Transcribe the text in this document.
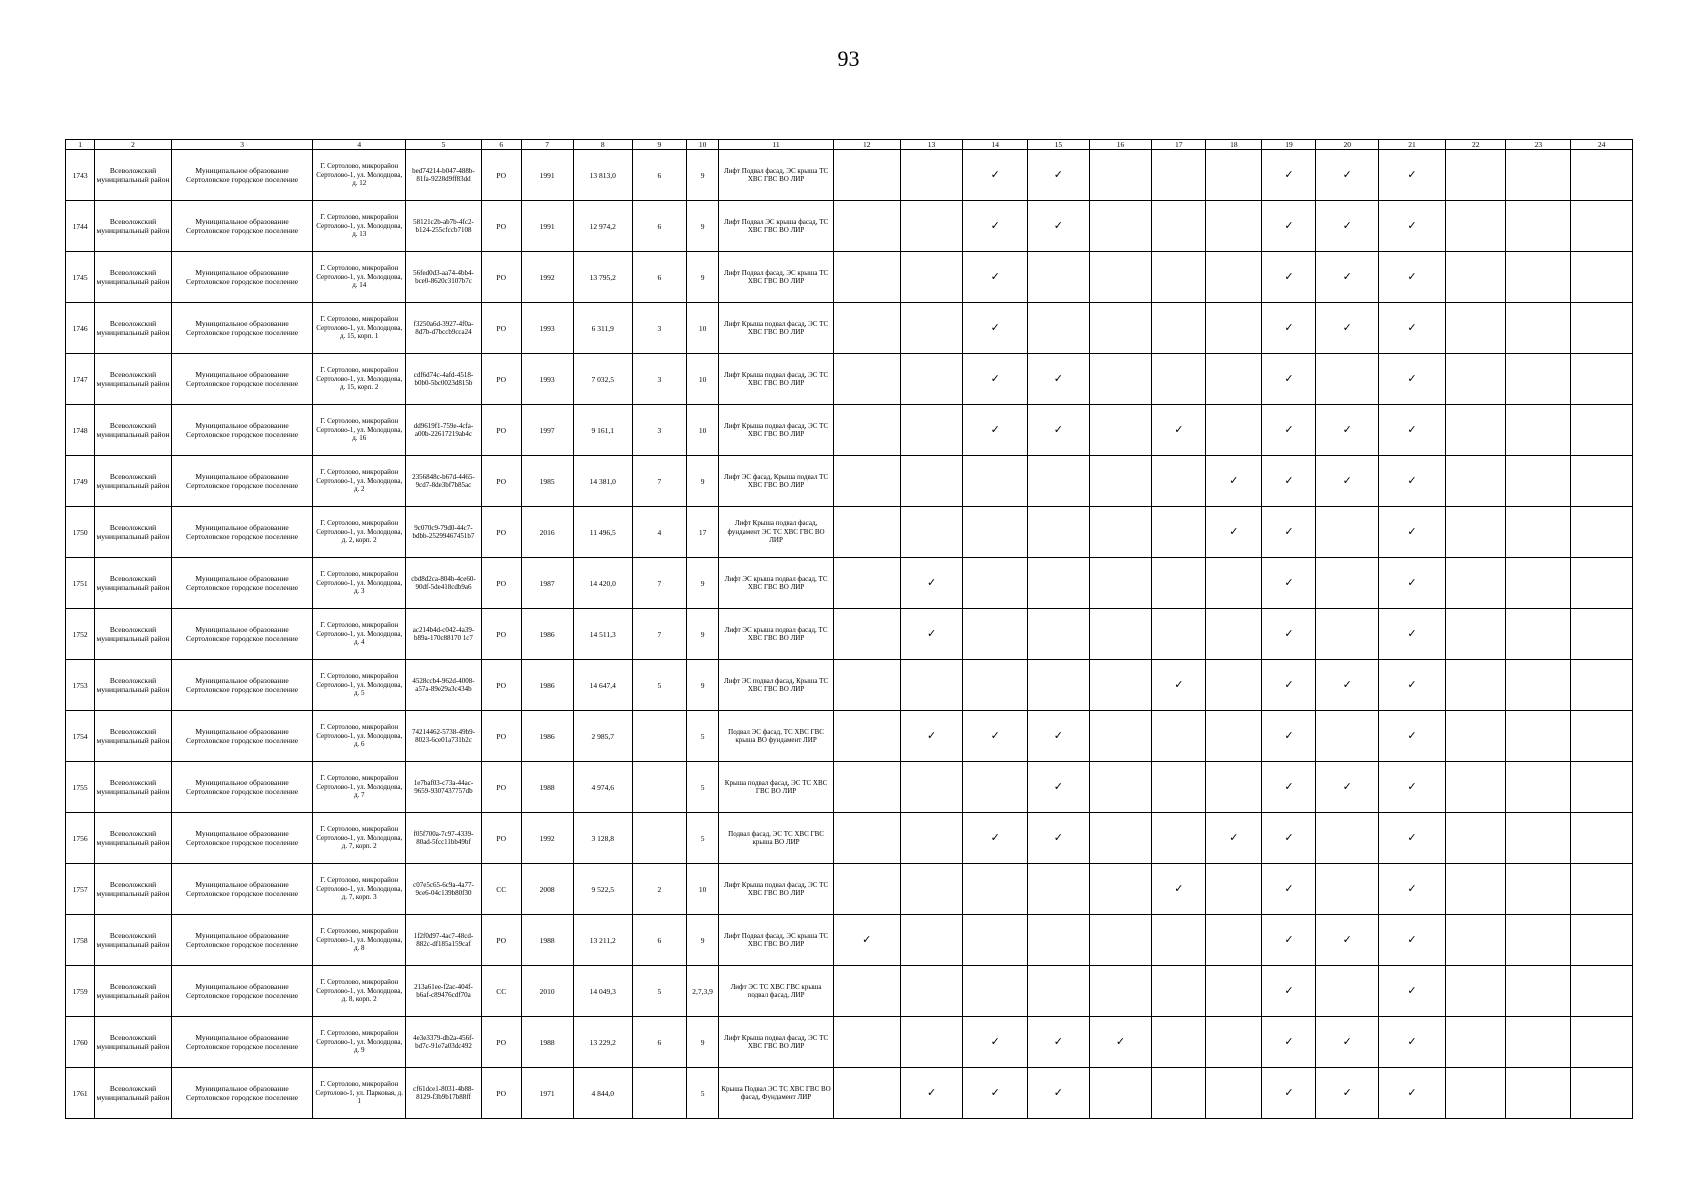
93
1	2	3	4	5	6	7	8	9	10	11	12	13	14	15	16	17	18	19	20	21	22	23	24
1743	Всеволожский муниципальный район	Муниципальное образование Сертоловское городское поселение	Г. Сертолово, микрорайон Сертолово-1, ул. Молодцова, д. 12	bed74214-b047-488b-81fa-9228d9ff83dd	РО	1991	13 813,0	6	9	Лифт Подвал фасад, ЭС крыша ТС ХВС ГВС ВО ЛИР			✓	✓				✓	✓	✓			
1744	Всеволожский муниципальный район	Муниципальное образование Сертоловское городское поселение	Г. Сертолово, микрорайон Сертолово-1, ул. Молодцова, д. 13	58121c2b-ab7b-4fc2-b124-255cfccb7108	РО	1991	12 974,2	6	9	Лифт Подвал ЭС крыша фасад, ТС ХВС ГВС ВО ЛИР			✓	✓				✓	✓	✓			
1745	Всеволожский муниципальный район	Муниципальное образование Сертоловское городское поселение	Г. Сертолово, микрорайон Сертолово-1, ул. Молодцова, д. 14	56fed0d3-aa74-4bb4-bce0-8620c3107b7c	РО	1992	13 795,2	6	9	Лифт Подвал фасад, ЭС крыша ТС ХВС ГВС ВО ЛИР			✓					✓	✓	✓			
1746	Всеволожский муниципальный район	Муниципальное образование Сертоловское городское поселение	Г. Сертолово, микрорайон Сертолово-1, ул. Молодцова, д. 15, корп. 1	f3250a6d-3927-4f0a-8d7b-d7bccb9cca24	РО	1993	6 311,9	3	10	Лифт Крыша подвал фасад, ЭС ТС ХВС ГВС ВО ЛИР			✓					✓	✓	✓			
1747	Всеволожский муниципальный район	Муниципальное образование Сертоловское городское поселение	Г. Сертолово, микрорайон Сертолово-1, ул. Молодцова, д. 15, корп. 2	cdf6d74c-4afd-4518-b0b0-5bc0023d815b	РО	1993	7 032,5	3	10	Лифт Крыша подвал фасад, ЭС ТС ХВС ГВС ВО ЛИР			✓	✓				✓		✓			
1748	Всеволожский муниципальный район	Муниципальное образование Сертоловское городское поселение	Г. Сертолово, микрорайон Сертолово-1, ул. Молодцова, д. 16	dd9619f1-759e-4cfa-a00b-22617219ab4c	РО	1997	9 161,1	3	10	Лифт Крыша подвал фасад, ЭС ТС ХВС ГВС ВО ЛИР			✓	✓		✓		✓	✓	✓			
1749	Всеволожский муниципальный район	Муниципальное образование Сертоловское городское поселение	Г. Сертолово, микрорайон Сертолово-1, ул. Молодцова, д. 2	2356848c-b67d-4465-9cd7-8de3bf7b85ac	РО	1985	14 381,0	7	9	Лифт ЭС фасад, Крыша подвал ТС ХВС ГВС ВО ЛИР							✓	✓	✓	✓			
1750	Всеволожский муниципальный район	Муниципальное образование Сертоловское городское поселение	Г. Сертолово, микрорайон Сертолово-1, ул. Молодцова, д. 2, корп. 2	9c070c9-79d0-44c7-bdbb-25299467451b7	РО	2016	11 496,5	4	17	Лифт Крыша подвал фасад, фундамент ЭС ТС ХВС ГВС ВО ЛИР							✓	✓		✓			
1751	Всеволожский муниципальный район	Муниципальное образование Сертоловское городское поселение	Г. Сертолово, микрорайон Сертолово-1, ул. Молодцова, д. 3	cbd8d2ca-804b-4ce60-90df-5de418cdb9a6	РО	1987	14 420,0	7	9	Лифт ЭС крыша подвал фасад, ТС ХВС ГВС ВО ЛИР		✓						✓		✓			
1752	Всеволожский муниципальный район	Муниципальное образование Сертоловское городское поселение	Г. Сертолово, микрорайон Сертолово-1, ул. Молодцова, д. 4	ac214b4d-c042-4a39-b89a-170c88170 1c7	РО	1986	14 511,3	7	9	Лифт ЭС крыша подвал фасад, ТС ХВС ГВС ВО ЛИР		✓						✓		✓			
1753	Всеволожский муниципальный район	Муниципальное образование Сертоловское городское поселение	Г. Сертолово, микрорайон Сертолово-1, ул. Молодцова, д. 5	4528ccb4-962d-4008-a57a-89e29a3c434b	РО	1986	14 647,4	5	9	Лифт ЭС подвал фасад, Крыша ТС ХВС ГВС ВО ЛИР						✓		✓	✓	✓			
1754	Всеволожский муниципальный район	Муниципальное образование Сертоловское городское поселение	Г. Сертолово, микрорайон Сертолово-1, ул. Молодцова, д. 6	74214462-5738-49b9-8023-6ce01a731b2c	РО	1986	2 985,7		5	Подвал ЭС фасад, ТС ХВС ГВС крыша ВО фундамент ЛИР		✓	✓	✓				✓		✓			
1755	Всеволожский муниципальный район	Муниципальное образование Сертоловское городское поселение	Г. Сертолово, микрорайон Сертолово-1, ул. Молодцова, д. 7	1e7baf03-c73a-44ac-9659-9307437757db	РО	1988	4 974,6		5	Крыша подвал фасад, ЭС ТС ХВС ГВС ВО ЛИР				✓				✓	✓	✓			
1756	Всеволожский муниципальный район	Муниципальное образование Сертоловское городское поселение	Г. Сертолово, микрорайон Сертолово-1, ул. Молодцова, д. 7, корп. 2	f05f700a-7c97-4339-80ad-5fcc11bb49bf	РО	1992	3 128,8		5	Подвал фасад, ЭС ТС ХВС ГВС крыша ВО ЛИР			✓	✓			✓	✓		✓			
1757	Всеволожский муниципальный район	Муниципальное образование Сертоловское городское поселение	Г. Сертолово, микрорайон Сертолово-1, ул. Молодцова, д. 7, корп. 3	c07e5c65-6c9a-4a77-9ce6-04c139b80f30	СС	2008	9 522,5	2	10	Лифт Крыша подвал фасад, ЭС ТС ХВС ГВС ВО ЛИР						✓		✓		✓			
1758	Всеволожский муниципальный район	Муниципальное образование Сертоловское городское поселение	Г. Сертолово, микрорайон Сертолово-1, ул. Молодцова, д. 8	1f2f0d97-4ac7-48cd-882c-df185a159caf	РО	1988	13 211,2	6	9	Лифт Подвал фасад, ЭС крыша ТС ХВС ГВС ВО ЛИР	✓							✓	✓	✓			
1759	Всеволожский муниципальный район	Муниципальное образование Сертоловское городское поселение	Г. Сертолово, микрорайон Сертолово-1, ул. Молодцова, д. 8, корп. 2	213a61ee-f2ac-404f-b6af-c89476cdf70a	СС	2010	14 049,3	5	2,7,3,9	Лифт ЭС ТС ХВС ГВС крыша подвал фасад, ЛИР								✓		✓			
1760	Всеволожский муниципальный район	Муниципальное образование Сертоловское городское поселение	Г. Сертолово, микрорайон Сертолово-1, ул. Молодцова, д. 9	4e3e3379-db2a-456f-bd7c-91e7a03dc492	РО	1988	13 229,2	6	9	Лифт Крыша подвал фасад, ЭС ТС ХВС ГВС ВО ЛИР			✓	✓	✓			✓	✓	✓			
1761	Всеволожский муниципальный район	Муниципальное образование Сертоловское городское поселение	Г. Сертолово, микрорайон Сертолово-1, ул. Парковая, д. 1	cf61dce1-8031-4b88-8129-f3b9b17b88ff	РО	1971	4 844,0		5	Крыша Подвал ЭС ТС ХВС ГВС ВО фасад, Фундамент ЛИР		✓	✓	✓				✓	✓	✓			
